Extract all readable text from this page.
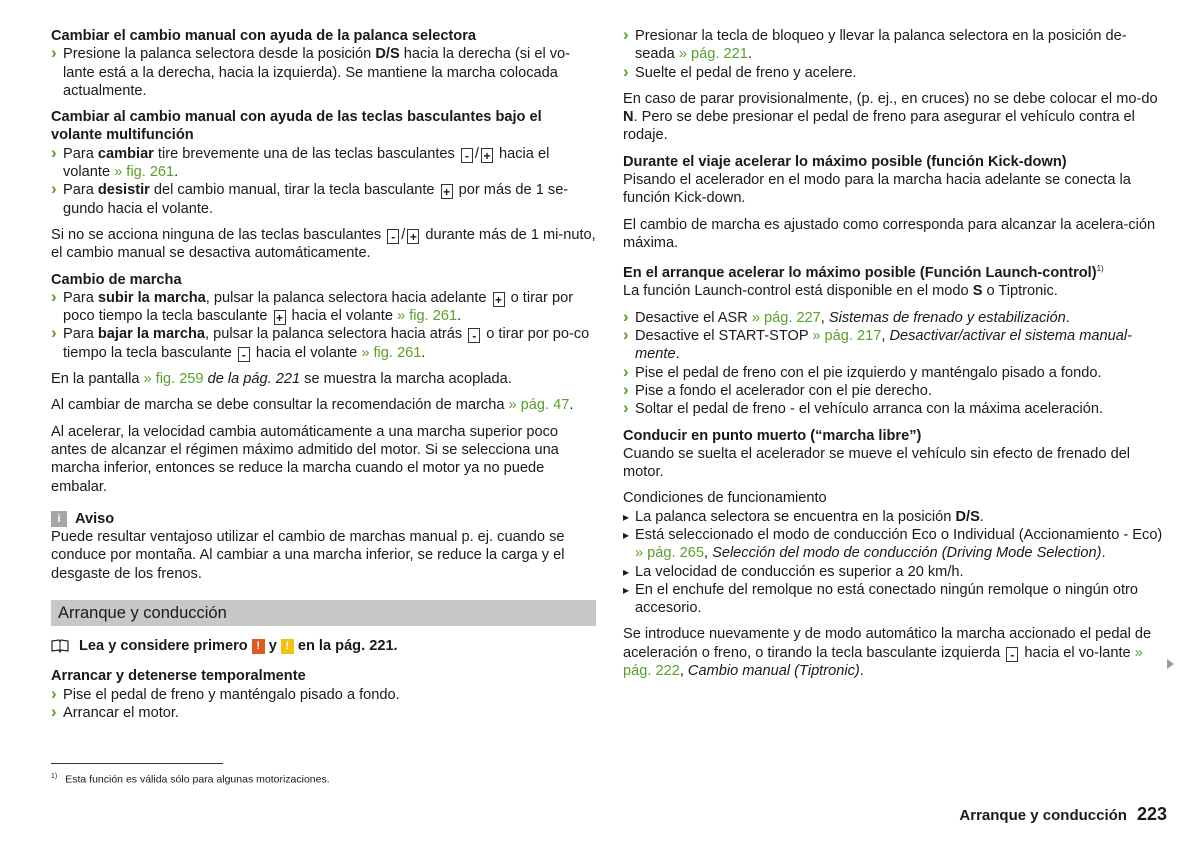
Cambiar el cambio manual con ayuda de la palanca selectora

› Presione la palanca selectora desde la posición D/S hacia la derecha (si el vo-lante está a la derecha, hacia la izquierda). Se mantiene la marcha colocada actualmente.

Cambiar al cambio manual con ayuda de las teclas basculantes bajo el volante multifunción

› Para cambiar tire brevemente una de las teclas basculantes - / + hacia el volante » fig. 261.

› Para desistir del cambio manual, tirar la tecla basculante + por más de 1 se-gundo hacia el volante.

Si no se acciona ninguna de las teclas basculantes - / + durante más de 1 mi-nuto, el cambio manual se desactiva automáticamente.

Cambio de marcha

› Para subir la marcha, pulsar la palanca selectora hacia adelante + o tirar por poco tiempo la tecla basculante + hacia el volante » fig. 261.

› Para bajar la marcha, pulsar la palanca selectora hacia atrás - o tirar por po-co tiempo la tecla basculante - hacia el volante » fig. 261.

En la pantalla » fig. 259 de la pág. 221 se muestra la marcha acoplada.

Al cambiar de marcha se debe consultar la recomendación de marcha » pág. 47.

Al acelerar, la velocidad cambia automáticamente a una marcha superior poco antes de alcanzar el régimen máximo admitido del motor. Si se selecciona una marcha inferior, entonces se reduce la marcha cuando el motor ya no puede embalar.

i Aviso

Puede resultar ventajoso utilizar el cambio de marchas manual p. ej. cuando se conduce por montaña. Al cambiar a una marcha inferior, se reduce la carga y el desgaste de los frenos.

Arranque y conducción
Lea y considere primero ! y ! en la pág. 221.

Arrancar y detenerse temporalmente

› Pise el pedal de freno y manténgalo pisado a fondo.

› Arrancar el motor.

› Presionar la tecla de bloqueo y llevar la palanca selectora en la posición de-seada » pág. 221.

› Suelte el pedal de freno y acelere.

En caso de parar provisionalmente, (p. ej., en cruces) no se debe colocar el mo-do N. Pero se debe presionar el pedal de freno para asegurar el vehículo contra el rodaje.

Durante el viaje acelerar lo máximo posible (función Kick-down)

Pisando el acelerador en el modo para la marcha hacia adelante se conecta la función Kick-down.

El cambio de marcha es ajustado como corresponda para alcanzar la acelera-ción máxima.

En el arranque acelerar lo máximo posible (Función Launch-control)$^{1)}$

La función Launch-control está disponible en el modo S o Tiptronic.

› Desactive el ASR » pág. 227, Sistemas de frenado y estabilización.

› Desactive el START-STOP » pág. 217, Desactivar/activar el sistema manual-mente.

› Pise el pedal de freno con el pie izquierdo y manténgalo pisado a fondo.

› Pise a fondo el acelerador con el pie derecho.

› Soltar el pedal de freno - el vehículo arranca con la máxima aceleración.

Conducir en punto muerto (“marcha libre”)

Cuando se suelta el acelerador se mueve el vehículo sin efecto de frenado del motor.

Condiciones de funcionamiento

▸ La palanca selectora se encuentra en la posición D/S.

▸ Está seleccionado el modo de conducción Eco o Individual (Accionamiento - Eco) » pág. 265, Selección del modo de conducción (Driving Mode Selection).

▸ La velocidad de conducción es superior a 20 km/h.

▸ En el enchufe del remolque no está conectado ningún remolque o ningún otro accesorio.

Se introduce nuevamente y de modo automático la marcha accionado el pedal de aceleración o freno, o tirando la tecla basculante izquierda - hacia el vo-lante » pág. 222, Cambio manual (Tiptronic).

$^{1)}$ Esta función es válida sólo para algunas motorizaciones.
Arranque y conducción 223
